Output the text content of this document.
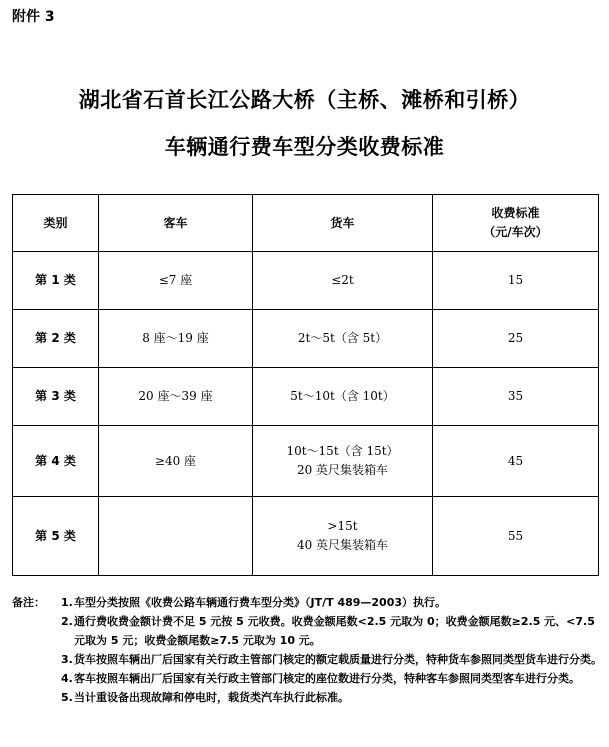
附件 3
湖北省石首长江公路大桥（主桥、滩桥和引桥）
车辆通行费车型分类收费标准
类别	客车	货车	收费标准
（元/车次）

第 1 类	≤7 座	≤2t	15
第 2 类	8 座～19 座	2t～5t（含 5t）	25
第 3 类	20 座～39 座	5t～10t（含 10t）	35
第 4 类	≥40 座	10t～15t（含 15t）
20 英尺集装箱车	45
第 5 类		>15t
40 英尺集装箱车	55
备注：	1. 车型分类按照《收费公路车辆通行费车型分类》（JT/T 489—2003）执行。
2. 通行费收费金额计费不足 5 元按 5 元收费。收费金额尾数<2.5 元取为 0；收费金额尾数≥2.5 元、<7.5 元取为 5 元；收费金额尾数≥7.5 元取为 10 元。
3. 货车按照车辆出厂后国家有关行政主管部门核定的额定载质量进行分类，特种货车参照同类型货车进行分类。
4. 客车按照车辆出厂后国家有关行政主管部门核定的座位数进行分类，特种客车参照同类型客车进行分类。
5. 当计重设备出现故障和停电时，载货类汽车执行此标准。
